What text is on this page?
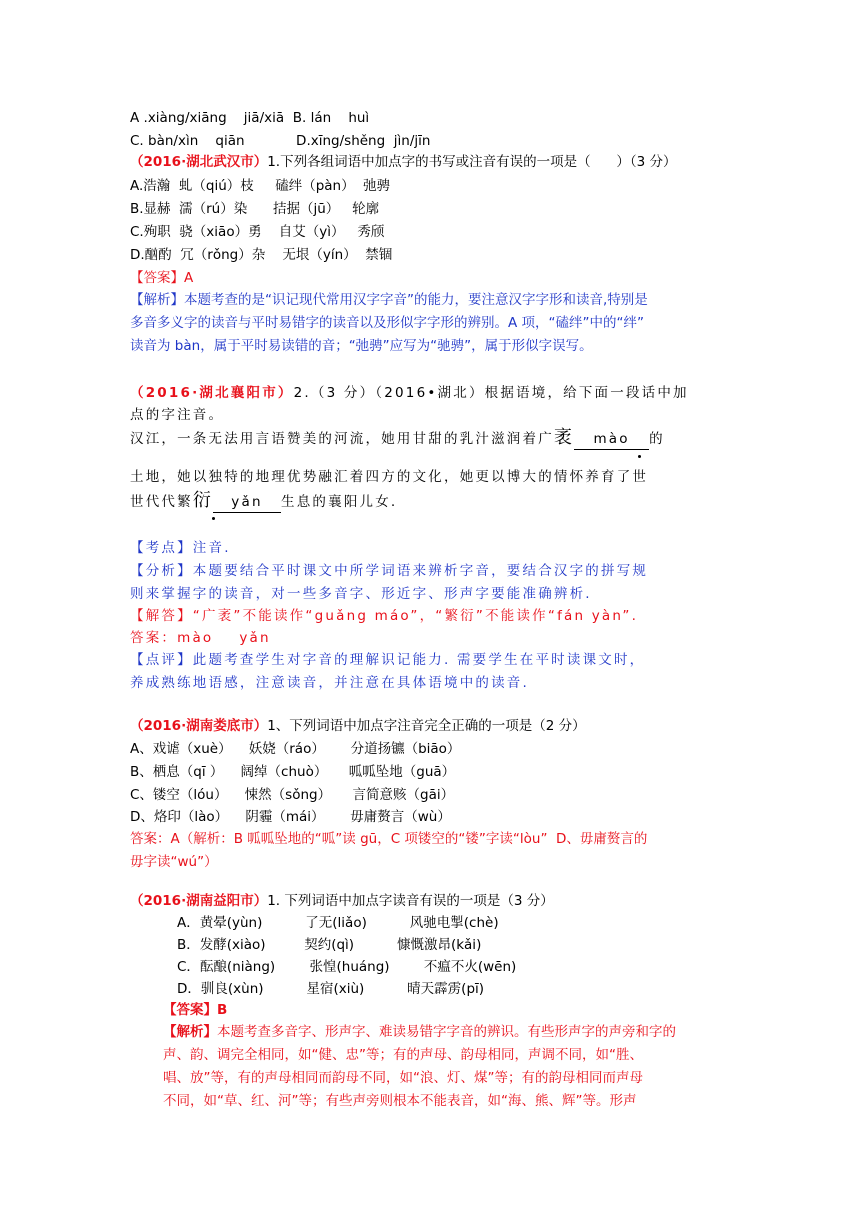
A .xiàng/xiāng    jiā/xiā  B. lán    huì
C. bàn/xìn    qiān            D.xīng/shěng  jìn/jīn
（2016·湖北武汉市）1.下列各组词语中加点字的书写或注音有误的一项是（      ）（3 分）
A.浩瀚  虬（qiú）枝     磕绊（pàn）  弛骋
B.显赫  濡（rú）染      拮据（jū）   轮廓
C.殉职  骁（xiāo）勇    自艾（yì）   秀颀
D.酗酌  冗（rǒng）杂    无垠（yín）  禁锢
【答案】A
【解析】本题考查的是“识记现代常用汉字字音”的能力，要注意汉字字形和读音,特别是
多音多义字的读音与平时易错字的读音以及形似字字形的辨别。A 项，“磕绊”中的“绊”
读音为 bàn，属于平时易读错的音；“弛骋”应写为“驰骋”，属于形似字误写。
（2016·湖北襄阳市）2.（3 分）（2016•湖北）根据语境，给下面一段话中加
点的字注音。
汉江，一条无法用言语赞美的河流，她用甘甜的乳汁滋润着广袤 mào 的
土地，她以独特的地理优势融汇着四方的文化，她更以博大的情怀养育了世
世代代繁衍 yǎn 生息的襄阳儿女.
【考点】注音.
【分析】本题要结合平时课文中所学词语来辨析字音，要结合汉字的拼写规
则来掌握字的读音，对一些多音字、形近字、形声字要能准确辨析.
【解答】“广袤”不能读作“guǎng máo”，“繁衍”不能读作“fán yàn”.
答案：mào    yǎn
【点评】此题考查学生对字音的理解识记能力. 需要学生在平时读课文时，
养成熟练地语感，注意读音，并注意在具体语境中的读音.
（2016·湖南娄底市）1、下列词语中加点字注音完全正确的一项是（2 分）
A、戏谑（xuè）    妖娆（ráo）      分道扬镳（biāo）
B、栖息（qī ）    阔绰（chuò）     呱呱坠地（guā）
C、镂空（lóu）    悚然（sǒng）     言简意赅（gāi）
D、烙印（lào）    阴霾（mái）      毋庸赘言（wù）
答案：A（解析：B 呱呱坠地的“呱”读 gū，C 项镂空的“镂”字读“lòu”  D、毋庸赘言的
毋字读“wú”）
（2016·湖南益阳市）1. 下列词语中加点字读音有误的一项是（3 分）
A．黄晕(yùn)          了无(liǎo)          风驰电掣(chè)
B．发酵(xiào)         契约(qì)          慷慨激昂(kǎi)
C．酝酿(niàng)        张惶(huáng)        不瘟不火(wēn)
D．驯良(xùn)          星宿(xiù)          晴天霹雳(pī)
【答案】B
【解析】本题考查多音字、形声字、难读易错字字音的辨识。有些形声字的声旁和字的
声、韵、调完全相同，如“健、忠”等；有的声母、韵母相同，声调不同，如“胜、
唱、放”等，有的声母相同而韵母不同，如“浪、灯、煤”等；有的韵母相同而声母
不同，如“草、红、河”等；有些声旁则根本不能表音，如“海、熊、辉”等。形声
